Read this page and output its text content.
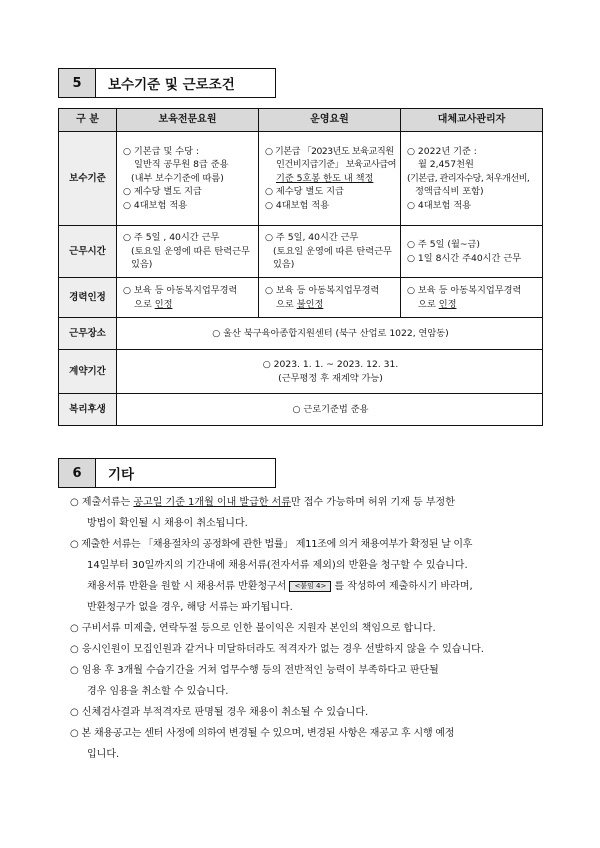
5	보수기준 및 근로조건
구 분	보육전문요원	운영요원	대체교사관리자
보수기준	○ 기본급 및 수당 :
일반직 공무원 8급 준용
(내부 보수기준에 따름)
○ 제수당 별도 지급
○ 4대보험 적용	○ 기본급 「2023년도 보육교직원
인건비지급기준」 보육교사급여
기준 5호봉 한도 내 책정
○ 제수당 별도 지급
○ 4대보험 적용	○ 2022년 기준 :
월 2,457천원
(기본급, 관리자수당, 처우개선비,
정액급식비 포함)
○ 4대보험 적용

근무시간	○ 주 5일 , 40시간 근무
(토요일 운영에 따른 탄력근무
있음)	○ 주 5일, 40시간 근무
(토요일 운영에 따른 탄력근무
있음)	○ 주 5일 (월~금)
○ 1일 8시간 주40시간 근무

경력인정	○ 보육 등 아동복지업무경력
으로 인정	○ 보육 등 아동복지업무경력
으로 불인정	○ 보육 등 아동복지업무경력
으로 인정

근무장소	○ 울산 북구육아종합지원센터 (북구 산업로 1022, 연암동)		
계약기간	○ 2023. 1. 1. ~ 2023. 12. 31.
(근무평정 후 재계약 가능)		

복리후생	○ 근로기준법 준용		
6	기타
○ 제출서류는 공고일 기준 1개월 이내 발급한 서류만 접수 가능하며 허위 기재 등 부정한
방법이 확인될 시 채용이 취소됩니다.
○ 제출한 서류는 「채용절차의 공정화에 관한 법률」 제11조에 의거 채용여부가 확정된 날 이후
14일부터 30일까지의 기간내에 채용서류(전자서류 제외)의 반환을 청구할 수 있습니다.
채용서류 반환을 원할 시 채용서류 반환청구서 <붙임 4> 를 작성하여 제출하시기 바라며,
반환청구가 없을 경우, 해당 서류는 파기됩니다.
○ 구비서류 미제출, 연락두절 등으로 인한 불이익은 지원자 본인의 책임으로 합니다.
○ 응시인원이 모집인원과 같거나 미달하더라도 적격자가 없는 경우 선발하지 않을 수 있습니다.
○ 임용 후 3개월 수습기간을 거쳐 업무수행 등의 전반적인 능력이 부족하다고 판단될
경우 임용을 취소할 수 있습니다.
○ 신체검사결과 부적격자로 판명될 경우 채용이 취소될 수 있습니다.
○ 본 채용공고는 센터 사정에 의하여 변경될 수 있으며, 변경된 사항은 재공고 후 시행 예정
입니다.
